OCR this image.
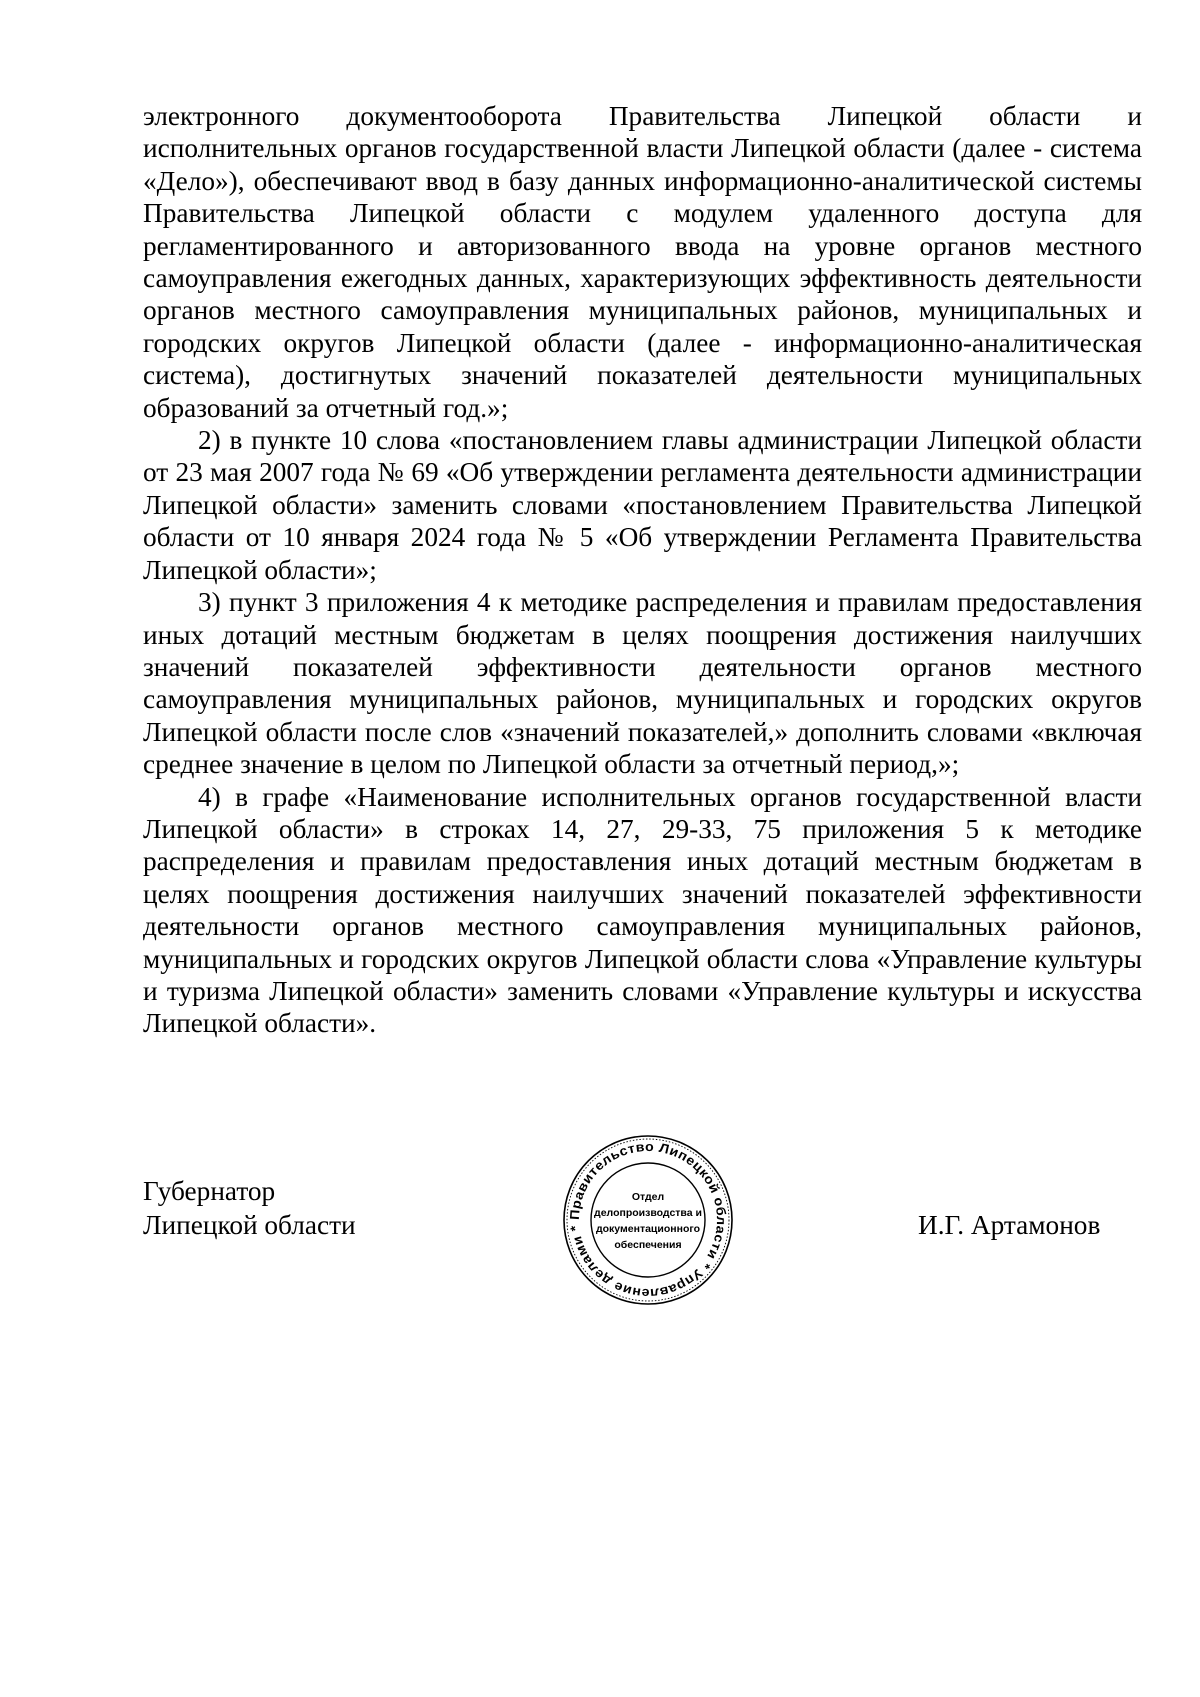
электронного документооборота Правительства Липецкой области и исполнительных органов государственной власти Липецкой области (далее - система «Дело»), обеспечивают ввод в базу данных информационно-аналитической системы Правительства Липецкой области с модулем удаленного доступа для регламентированного и авторизованного ввода на уровне органов местного самоуправления ежегодных данных, характеризующих эффективность деятельности органов местного самоуправления муниципальных районов, муниципальных и городских округов Липецкой области (далее - информационно-аналитическая система), достигнутых значений показателей деятельности муниципальных образований за отчетный год.»;

2) в пункте 10 слова «постановлением главы администрации Липецкой области от 23 мая 2007 года № 69 «Об утверждении регламента деятельности администрации Липецкой области» заменить словами «постановлением Правительства Липецкой области от 10 января 2024 года № 5 «Об утверждении Регламента Правительства Липецкой области»;

3) пункт 3 приложения 4 к методике распределения и правилам предоставления иных дотаций местным бюджетам в целях поощрения достижения наилучших значений показателей эффективности деятельности органов местного самоуправления муниципальных районов, муниципальных и городских округов Липецкой области после слов «значений показателей,» дополнить словами «включая среднее значение в целом по Липецкой области за отчетный период,»;

4) в графе «Наименование исполнительных органов государственной власти Липецкой области» в строках 14, 27, 29-33, 75 приложения 5 к методике распределения и правилам предоставления иных дотаций местным бюджетам в целях поощрения достижения наилучших значений показателей эффективности деятельности органов местного самоуправления муниципальных районов, муниципальных и городских округов Липецкой области слова «Управление культуры и туризма Липецкой области» заменить словами «Управление культуры и искусства Липецкой области».

Губернатор
Липецкой области	Правительство Липецкой области * Управление делами *
Отдел
делопроизводства и
документационного
обеспечения
И.Г. Артамонов
